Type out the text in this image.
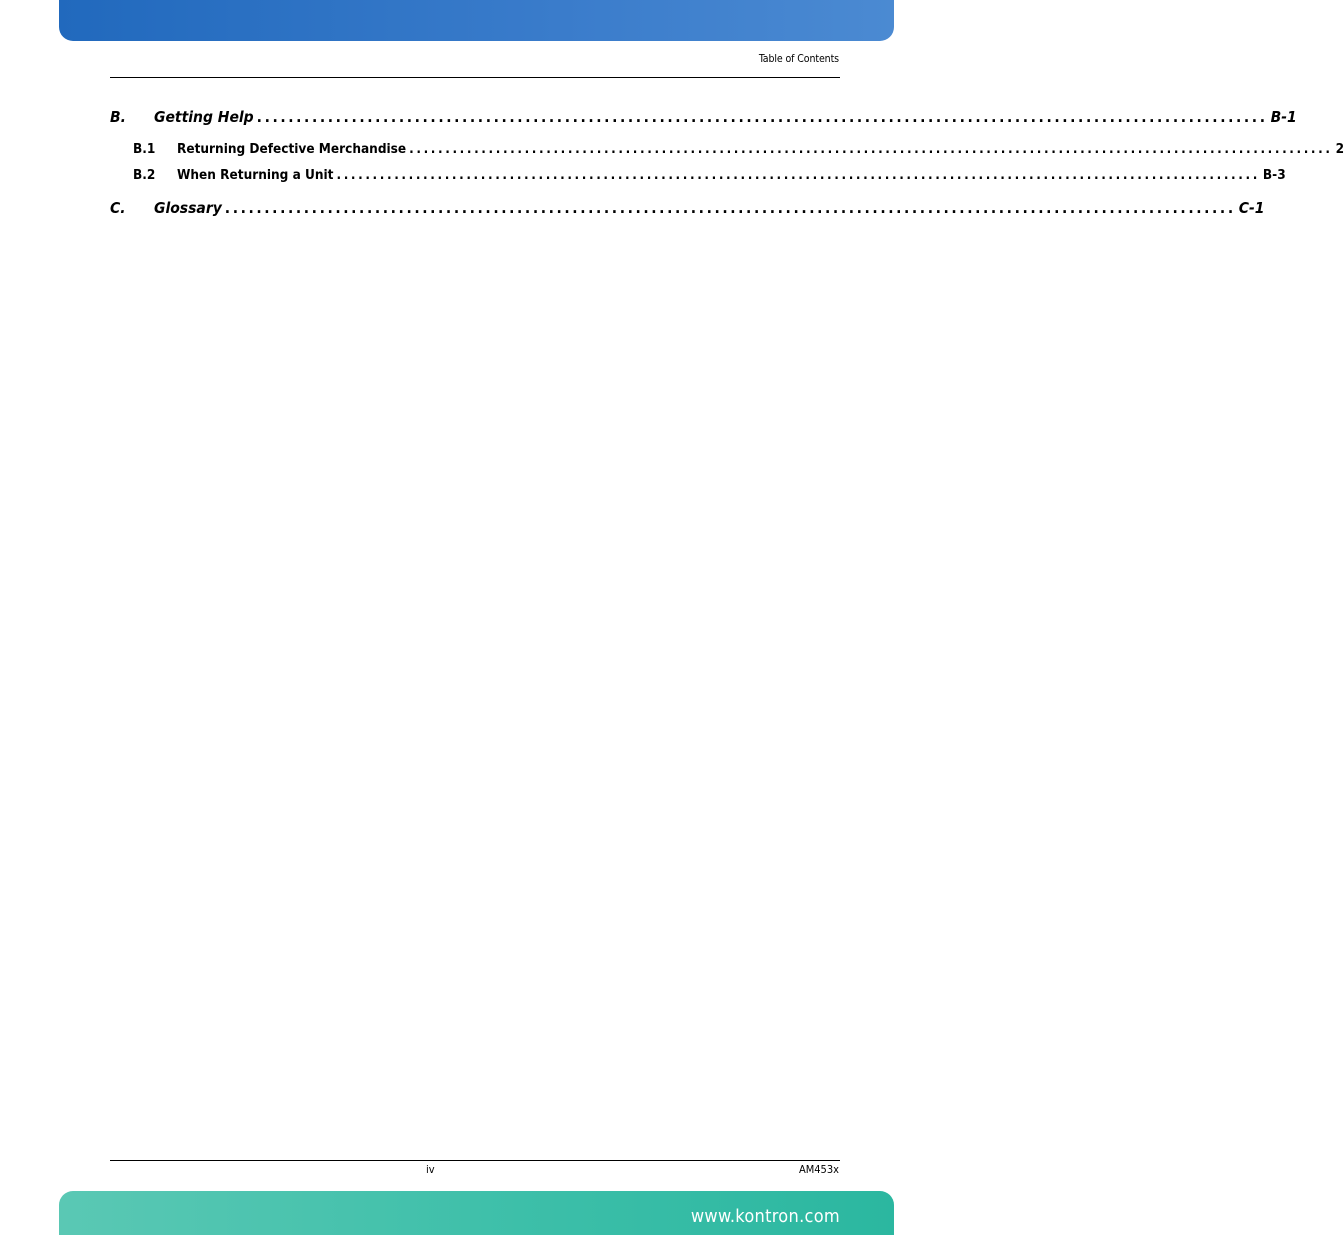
Table of Contents
B.	Getting Help ................................................................................................................................ B-1
B.1	Returning Defective Merchandise ................................................................................................................................ 2
B.2	When Returning a Unit ................................................................................................................................ B-3
C.	Glossary ................................................................................................................................ C-1
iv	AM453x
www.kontron.com
